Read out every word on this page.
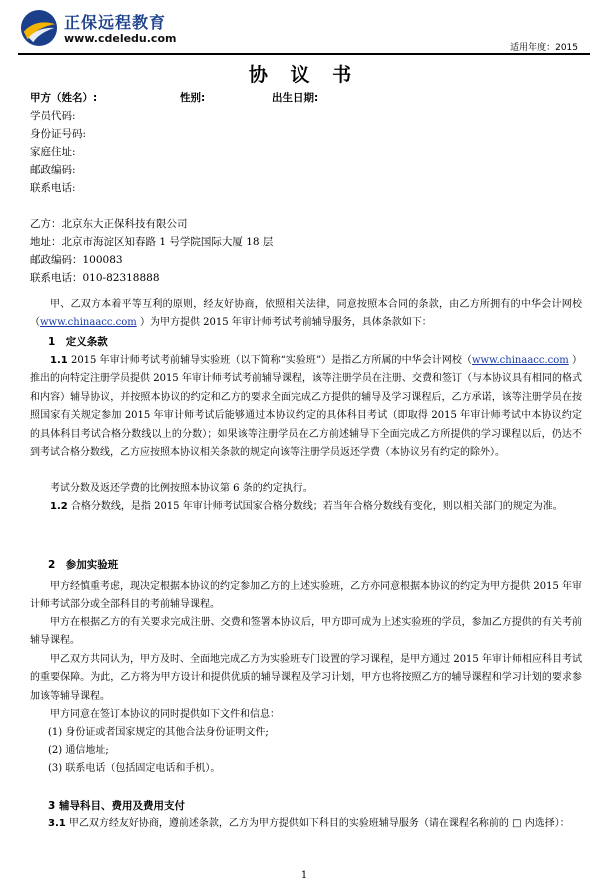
正保远程教育
www.cdeledu.com
适用年度：2015
协 议 书
甲方（姓名）:	性别:	出生日期:
学员代码:
身份证号码:
家庭住址:
邮政编码:
联系电话:
乙方：北京东大正保科技有限公司
地址：北京市海淀区知春路 1 号学院国际大厦 18 层
邮政编码：100083
联系电话：010-82318888
甲、乙双方本着平等互利的原则，经友好协商，依照相关法律，同意按照本合同的条款，由乙方所拥有的中华会计网校（www.chinaacc.com ）为甲方提供 2015 年审计师考试考前辅导服务，具体条款如下：
1　定义条款
1.1 2015 年审计师考试考前辅导实验班（以下简称“实验班”）是指乙方所属的中华会计网校（www.chinaacc.com ）推出的向特定注册学员提供 2015 年审计师考试考前辅导课程，该等注册学员在注册、交费和签订（与本协议具有相同的格式和内容）辅导协议，并按照本协议的约定和乙方的要求全面完成乙方提供的辅导及学习课程后，乙方承诺，该等注册学员在按照国家有关规定参加 2015 年审计师考试后能够通过本协议约定的具体科目考试（即取得 2015 年审计师考试中本协议约定的具体科目考试合格分数线以上的分数）；如果该等注册学员在乙方前述辅导下全面完成乙方所提供的学习课程以后，仍达不到考试合格分数线，乙方应按照本协议相关条款的规定向该等注册学员返还学费（本协议另有约定的除外）。
考试分数及返还学费的比例按照本协议第 6 条的约定执行。
1.2 合格分数线，是指 2015 年审计师考试国家合格分数线；若当年合格分数线有变化，则以相关部门的规定为准。
2　参加实验班
甲方经慎重考虑，现决定根据本协议的约定参加乙方的上述实验班，乙方亦同意根据本协议的约定为甲方提供 2015 年审计师考试部分或全部科目的考前辅导课程。
甲方在根据乙方的有关要求完成注册、交费和签署本协议后，甲方即可成为上述实验班的学员，参加乙方提供的有关考前辅导课程。
甲乙双方共同认为，甲方及时、全面地完成乙方为实验班专门设置的学习课程，是甲方通过 2015 年审计师相应科目考试的重要保障。为此，乙方将为甲方设计和提供优质的辅导课程及学习计划，甲方也将按照乙方的辅导课程和学习计划的要求参加该等辅导课程。
甲方同意在签订本协议的同时提供如下文件和信息：
(1) 身份证或者国家规定的其他合法身份证明文件;
(2) 通信地址;
(3) 联系电话（包括固定电话和手机）。
3 辅导科目、费用及费用支付
3.1 甲乙双方经友好协商，遵前述条款，乙方为甲方提供如下科目的实验班辅导服务（请在课程名称前的 □ 内选择）：
1
